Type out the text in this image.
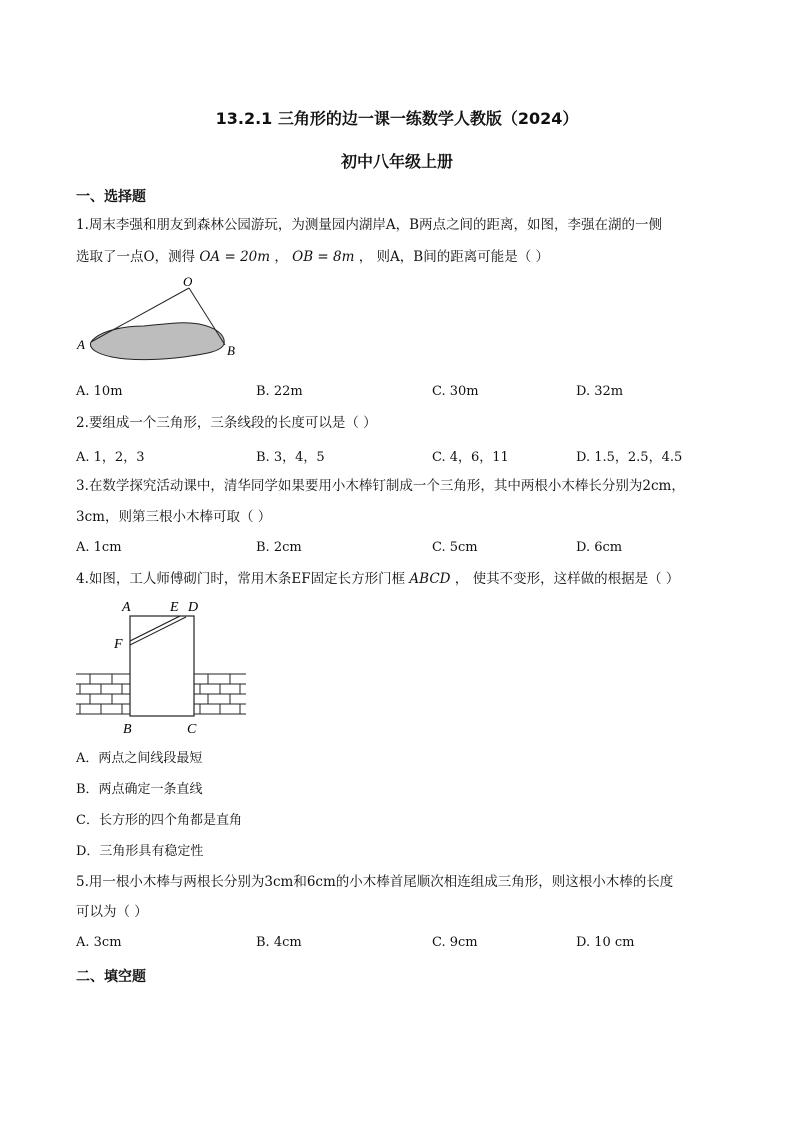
13.2.1 三角形的边一课一练数学人教版（2024）
初中八年级上册
一、选择题
1.周末李强和朋友到森林公园游玩，为测量园内湖岸A，B两点之间的距离，如图，李强在湖的一侧
选取了一点O，测得 OA = 20m ， OB = 8m ， 则A，B间的距离可能是（ ）
O
A	B
A. 10m	B. 22m	C. 30m	D. 32m
2.要组成一个三角形，三条线段的长度可以是（ ）
A. 1，2，3	B. 3，4，5	C. 4，6，11	D. 1.5，2.5，4.5
3.在数学探究活动课中，清华同学如果要用小木棒钉制成一个三角形，其中两根小木棒长分别为2cm，
3cm，则第三根小木棒可取（ ）
A. 1cm	B. 2cm	C. 5cm	D. 6cm
4.如图，工人师傅砌门时，常用木条EF固定长方形门框 ABCD ， 使其不变形，这样做的根据是（ ）
A	E D
F
B	C
A．两点之间线段最短
B．两点确定一条直线
C．长方形的四个角都是直角
D．三角形具有稳定性
5.用一根小木棒与两根长分别为3cm和6cm的小木棒首尾顺次相连组成三角形，则这根小木棒的长度
可以为（ ）
A. 3cm	B. 4cm	C. 9cm	D. 10 cm
二、填空题
